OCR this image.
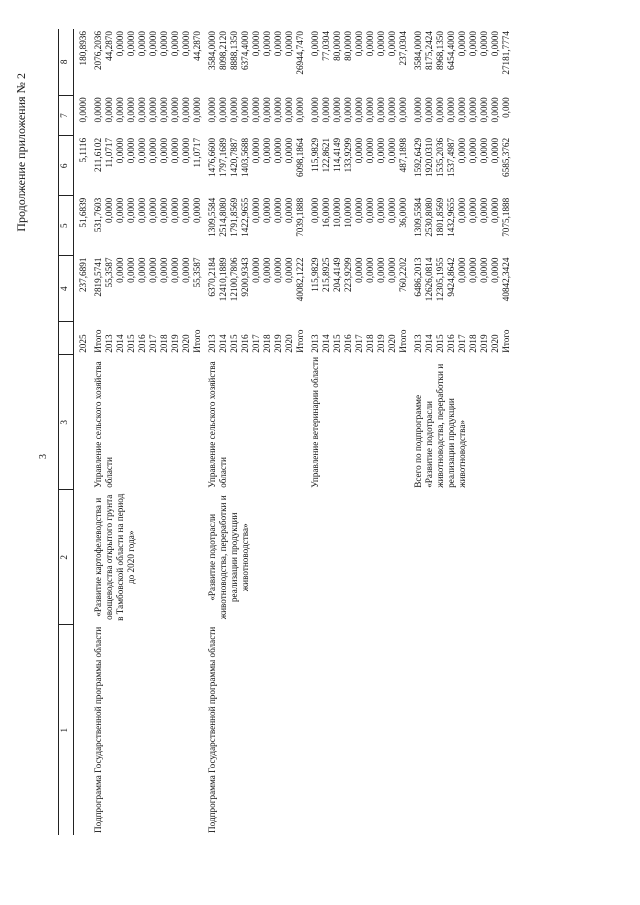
Продолжение приложения № 2
3
1	2	3		4	5	6	7	8

			2025	237,6891	51,6839	5,1116	0,0000	180,8936

Подпрограмма Государственной программы области	«Развитие картофелеводства и овощеводства открытого грунта в Тамбовской области на период до 2020 года»	Управление сельского хозяйства области	Итого	2819,5741	531,7603	211,6102	0,0000	2076,2036
			2013	55,3587	0,0000	11,0717	0,0000	44,2870
			2014	0,0000	0,0000	0,0000	0,0000	0,0000
			2015	0,0000	0,0000	0,0000	0,0000	0,0000
			2016	0,0000	0,0000	0,0000	0,0000	0,0000
			2017	0,0000	0,0000	0,0000	0,0000	0,0000
			2018	0,0000	0,0000	0,0000	0,0000	0,0000
			2019	0,0000	0,0000	0,0000	0,0000	0,0000
			2020	0,0000	0,0000	0,0000	0,0000	0,0000
			Итого	55,3587	0,0000	11,0717	0,0000	44,2870

Подпрограмма Государственной программы области	«Развитие подотрасли животноводства, переработки и реализации продукции животноводства»	Управление сельского хозяйства области	2013	6370,2184	1309,5584	1476,6600	0,0000	3584,0000
			2014	12410,1889	2514,8080	1797,1689	0,0000	8098,2120
			2015	12100,7806	1791,8569	1420,7887	0,0000	8888,1350
			2016	9200,9343	1422,9655	1403,5688	0,0000	6374,4000
			2017	0,0000	0,0000	0,0000	0,0000	0,0000
			2018	0,0000	0,0000	0,0000	0,0000	0,0000
			2019	0,0000	0,0000	0,0000	0,0000	0,0000
			2020	0,0000	0,0000	0,0000	0,0000	0,0000
			Итого	40082,1222	7039,1888	6098,1864	0,0000	26944,7470

		Управление ветеринарии области	2013	115,9829	0,0000	115,9829	0,0000	0,0000
			2014	215,8925	16,0000	122,8621	0,0000	77,0304
			2015	204,4149	10,0000	114,4149	0,0000	80,0000
			2016	223,9299	10,0000	133,9299	0,0000	80,0000
			2017	0,0000	0,0000	0,0000	0,0000	0,0000
			2018	0,0000	0,0000	0,0000	0,0000	0,0000
			2019	0,0000	0,0000	0,0000	0,0000	0,0000
			2020	0,0000	0,0000	0,0000	0,0000	0,0000
			Итого	760,2202	36,0000	487,1898	0,0000	237,0304

		Всего по подпрограмме «Развитие подотрасли животноводства, переработки и реализации продукции животноводства»	2013	6486,2013	1309,5584	1592,6429	0,0000	3584,0000
			2014	12626,0814	2530,8080	1920,0310	0,0000	8175,2424
			2015	12305,1955	1801,8569	1535,2036	0,0000	8968,1350
			2016	9424,8642	1432,9655	1537,4987	0,0000	6454,4000
			2017	0,0000	0,0000	0,0000	0,0000	0,0000
			2018	0,0000	0,0000	0,0000	0,0000	0,0000
			2019	0,0000	0,0000	0,0000	0,0000	0,0000
			2020	0,0000	0,0000	0,0000	0,0000	0,0000
			Итого	40842,3424	7075,1888	6585,3762	0,000	27181,7774
